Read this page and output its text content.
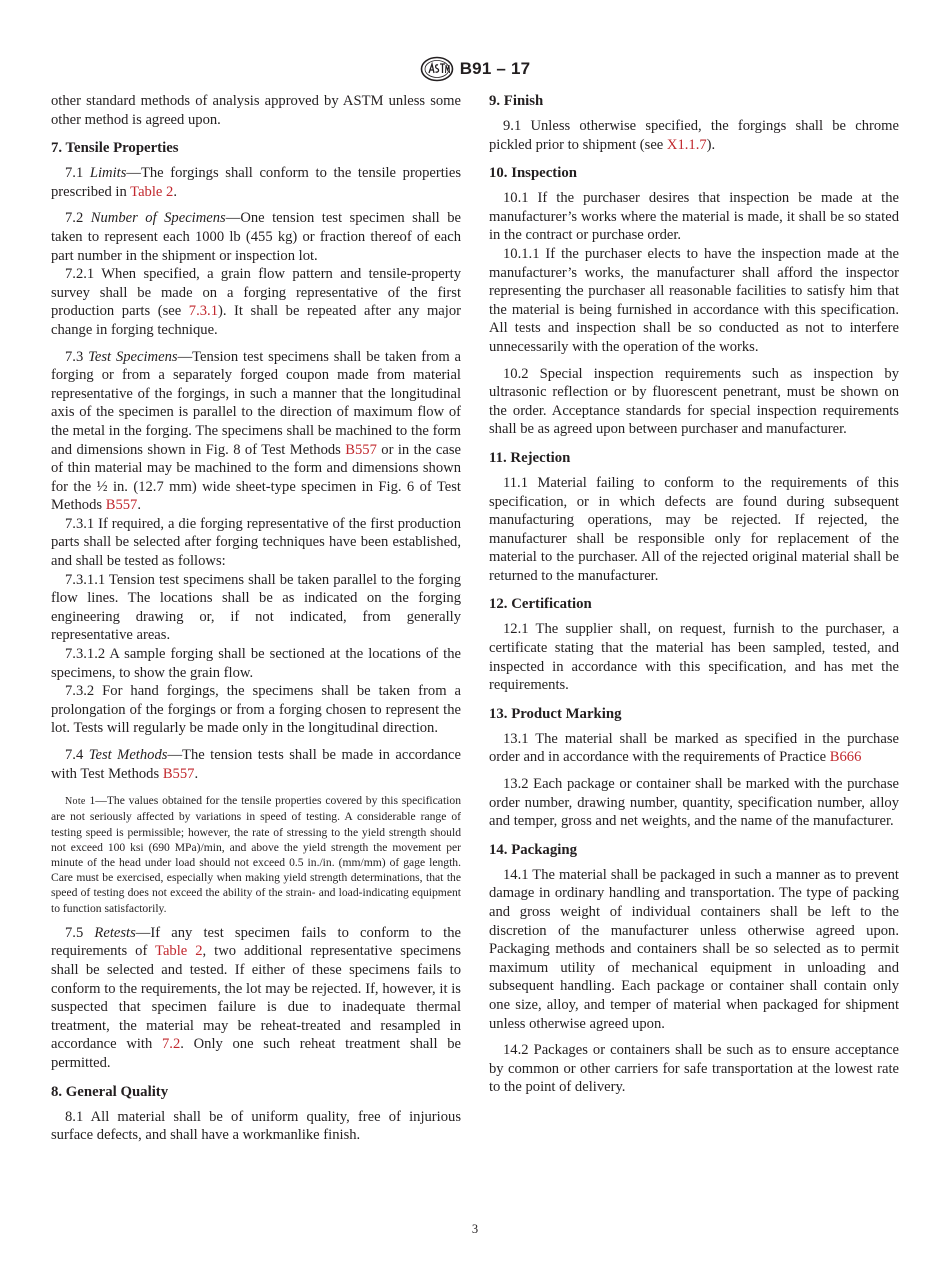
B91 – 17

other standard methods of analysis approved by ASTM unless some other method is agreed upon.

7. Tensile Properties

7.1 Limits—The forgings shall conform to the tensile properties prescribed in Table 2.

7.2 Number of Specimens—One tension test specimen shall be taken to represent each 1000 lb (455 kg) or fraction thereof of each part number in the shipment or inspection lot.

7.2.1 When specified, a grain flow pattern and tensile-property survey shall be made on a forging representative of the first production parts (see 7.3.1). It shall be repeated after any major change in forging technique.

7.3 Test Specimens—Tension test specimens shall be taken from a forging or from a separately forged coupon made from material representative of the forgings, in such a manner that the longitudinal axis of the specimen is parallel to the direction of maximum flow of the metal in the forging. The specimens shall be machined to the form and dimensions shown in Fig. 8 of Test Methods B557 or in the case of thin material may be machined to the form and dimensions shown for the ½ in. (12.7 mm) wide sheet-type specimen in Fig. 6 of Test Methods B557.

7.3.1 If required, a die forging representative of the first production parts shall be selected after forging techniques have been established, and shall be tested as follows:

7.3.1.1 Tension test specimens shall be taken parallel to the forging flow lines. The locations shall be as indicated on the forging engineering drawing or, if not indicated, from generally representative areas.

7.3.1.2 A sample forging shall be sectioned at the locations of the specimens, to show the grain flow.

7.3.2 For hand forgings, the specimens shall be taken from a prolongation of the forgings or from a forging chosen to represent the lot. Tests will regularly be made only in the longitudinal direction.

7.4 Test Methods—The tension tests shall be made in accordance with Test Methods B557.

Note 1—The values obtained for the tensile properties covered by this specification are not seriously affected by variations in speed of testing. A considerable range of testing speed is permissible; however, the rate of stressing to the yield strength should not exceed 100 ksi (690 MPa)/min, and above the yield strength the movement per minute of the head under load should not exceed 0.5 in./in. (mm/mm) of gage length. Care must be exercised, especially when making yield strength determinations, that the speed of testing does not exceed the ability of the strain- and load-indicating equipment to function satisfactorily.

7.5 Retests—If any test specimen fails to conform to the requirements of Table 2, two additional representative specimens shall be selected and tested. If either of these specimens fails to conform to the requirements, the lot may be rejected. If, however, it is suspected that specimen failure is due to inadequate thermal treatment, the material may be reheat-treated and resampled in accordance with 7.2. Only one such reheat treatment shall be permitted.

8. General Quality

8.1 All material shall be of uniform quality, free of injurious surface defects, and shall have a workmanlike finish.

9. Finish

9.1 Unless otherwise specified, the forgings shall be chrome pickled prior to shipment (see X1.1.7).

10. Inspection

10.1 If the purchaser desires that inspection be made at the manufacturer’s works where the material is made, it shall be so stated in the contract or purchase order.

10.1.1 If the purchaser elects to have the inspection made at the manufacturer’s works, the manufacturer shall afford the inspector representing the purchaser all reasonable facilities to satisfy him that the material is being furnished in accordance with this specification. All tests and inspection shall be so conducted as not to interfere unnecessarily with the operation of the works.

10.2 Special inspection requirements such as inspection by ultrasonic reflection or by fluorescent penetrant, must be shown on the order. Acceptance standards for special inspection requirements shall be as agreed upon between purchaser and manufacturer.

11. Rejection

11.1 Material failing to conform to the requirements of this specification, or in which defects are found during subsequent manufacturing operations, may be rejected. If rejected, the manufacturer shall be responsible only for replacement of the material to the purchaser. All of the rejected original material shall be returned to the manufacturer.

12. Certification

12.1 The supplier shall, on request, furnish to the purchaser, a certificate stating that the material has been sampled, tested, and inspected in accordance with this specification, and has met the requirements.

13. Product Marking

13.1 The material shall be marked as specified in the purchase order and in accordance with the requirements of Practice B666

13.2 Each package or container shall be marked with the purchase order number, drawing number, quantity, specification number, alloy and temper, gross and net weights, and the name of the manufacturer.

14. Packaging

14.1 The material shall be packaged in such a manner as to prevent damage in ordinary handling and transportation. The type of packing and gross weight of individual containers shall be left to the discretion of the manufacturer unless otherwise agreed upon. Packaging methods and containers shall be so selected as to permit maximum utility of mechanical equipment in unloading and subsequent handling. Each package or container shall contain only one size, alloy, and temper of material when packaged for shipment unless otherwise agreed upon.

14.2 Packages or containers shall be such as to ensure acceptance by common or other carriers for safe transportation at the lowest rate to the point of delivery.

3
